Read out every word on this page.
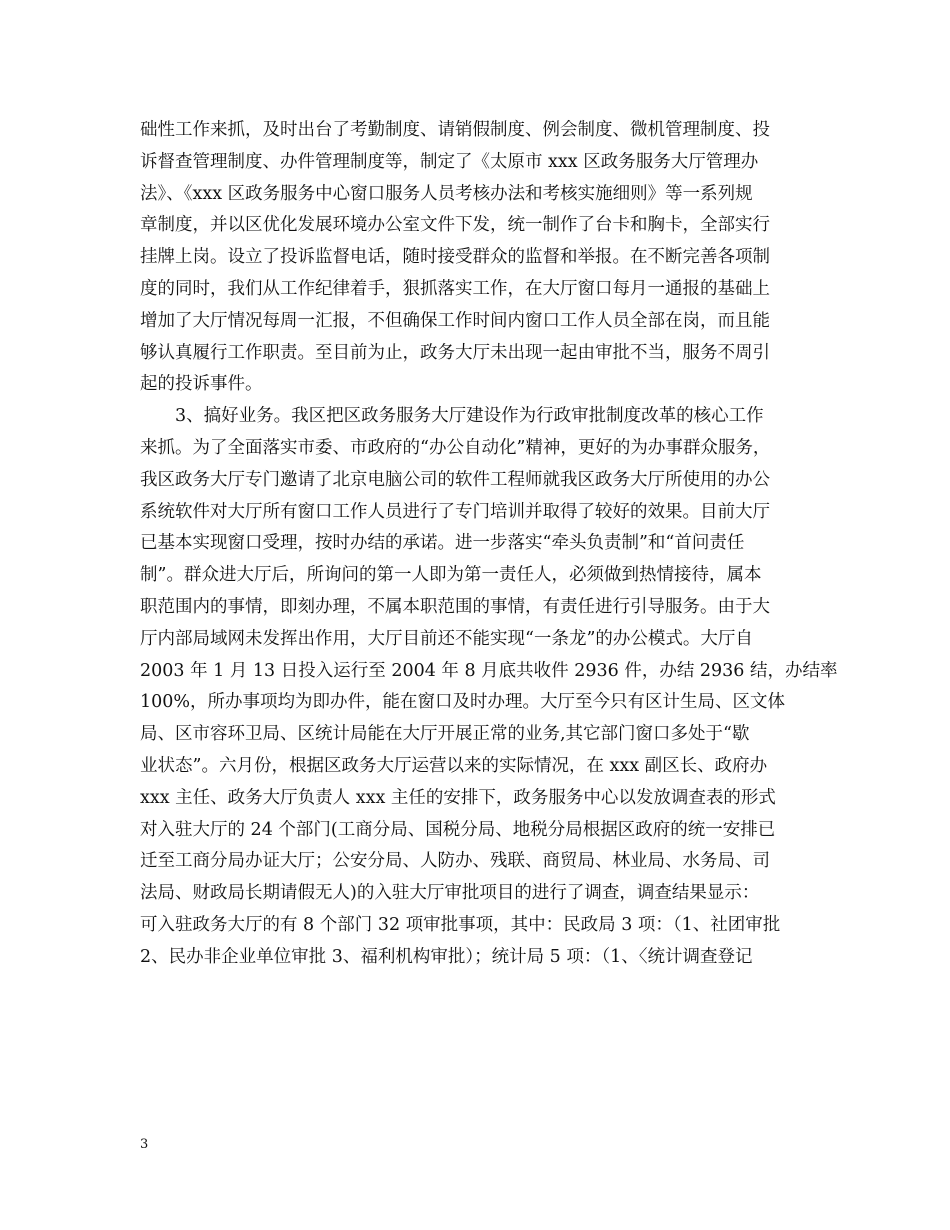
础性工作来抓，及时出台了考勤制度、请销假制度、例会制度、微机管理制度、投
诉督查管理制度、办件管理制度等，制定了《太原市 xxx 区政务服务大厅管理办
法》、《xxx 区政务服务中心窗口服务人员考核办法和考核实施细则》等一系列规
章制度，并以区优化发展环境办公室文件下发，统一制作了台卡和胸卡，全部实行
挂牌上岗。设立了投诉监督电话，随时接受群众的监督和举报。在不断完善各项制
度的同时，我们从工作纪律着手，狠抓落实工作，在大厅窗口每月一通报的基础上
增加了大厅情况每周一汇报，不但确保工作时间内窗口工作人员全部在岗，而且能
够认真履行工作职责。至目前为止，政务大厅未出现一起由审批不当，服务不周引
起的投诉事件。
3、搞好业务。我区把区政务服务大厅建设作为行政审批制度改革的核心工作
来抓。为了全面落实市委、市政府的“办公自动化”精神，更好的为办事群众服务，
我区政务大厅专门邀请了北京电脑公司的软件工程师就我区政务大厅所使用的办公
系统软件对大厅所有窗口工作人员进行了专门培训并取得了较好的效果。目前大厅
已基本实现窗口受理，按时办结的承诺。进一步落实“牵头负责制”和“首问责任
制”。群众进大厅后，所询问的第一人即为第一责任人，必须做到热情接待，属本
职范围内的事情，即刻办理，不属本职范围的事情，有责任进行引导服务。由于大
厅内部局域网未发挥出作用，大厅目前还不能实现“一条龙”的办公模式。大厅自
2003 年 1 月 13 日投入运行至 2004 年 8 月底共收件 2936 件，办结 2936 结，办结率
100%，所办事项均为即办件，能在窗口及时办理。大厅至今只有区计生局、区文体
局、区市容环卫局、区统计局能在大厅开展正常的业务,其它部门窗口多处于“歇
业状态”。六月份，根据区政务大厅运营以来的实际情况，在 xxx 副区长、政府办
xxx 主任、政务大厅负责人 xxx 主任的安排下，政务服务中心以发放调查表的形式
对入驻大厅的 24 个部门(工商分局、国税分局、地税分局根据区政府的统一安排已
迁至工商分局办证大厅；公安分局、人防办、残联、商贸局、林业局、水务局、司
法局、财政局长期请假无人)的入驻大厅审批项目的进行了调查，调查结果显示：
可入驻政务大厅的有 8 个部门 32 项审批事项，其中：民政局 3 项：（1、社团审批
2、民办非企业单位审批 3、福利机构审批）；统计局 5 项：（1、〈统计调查登记
3
